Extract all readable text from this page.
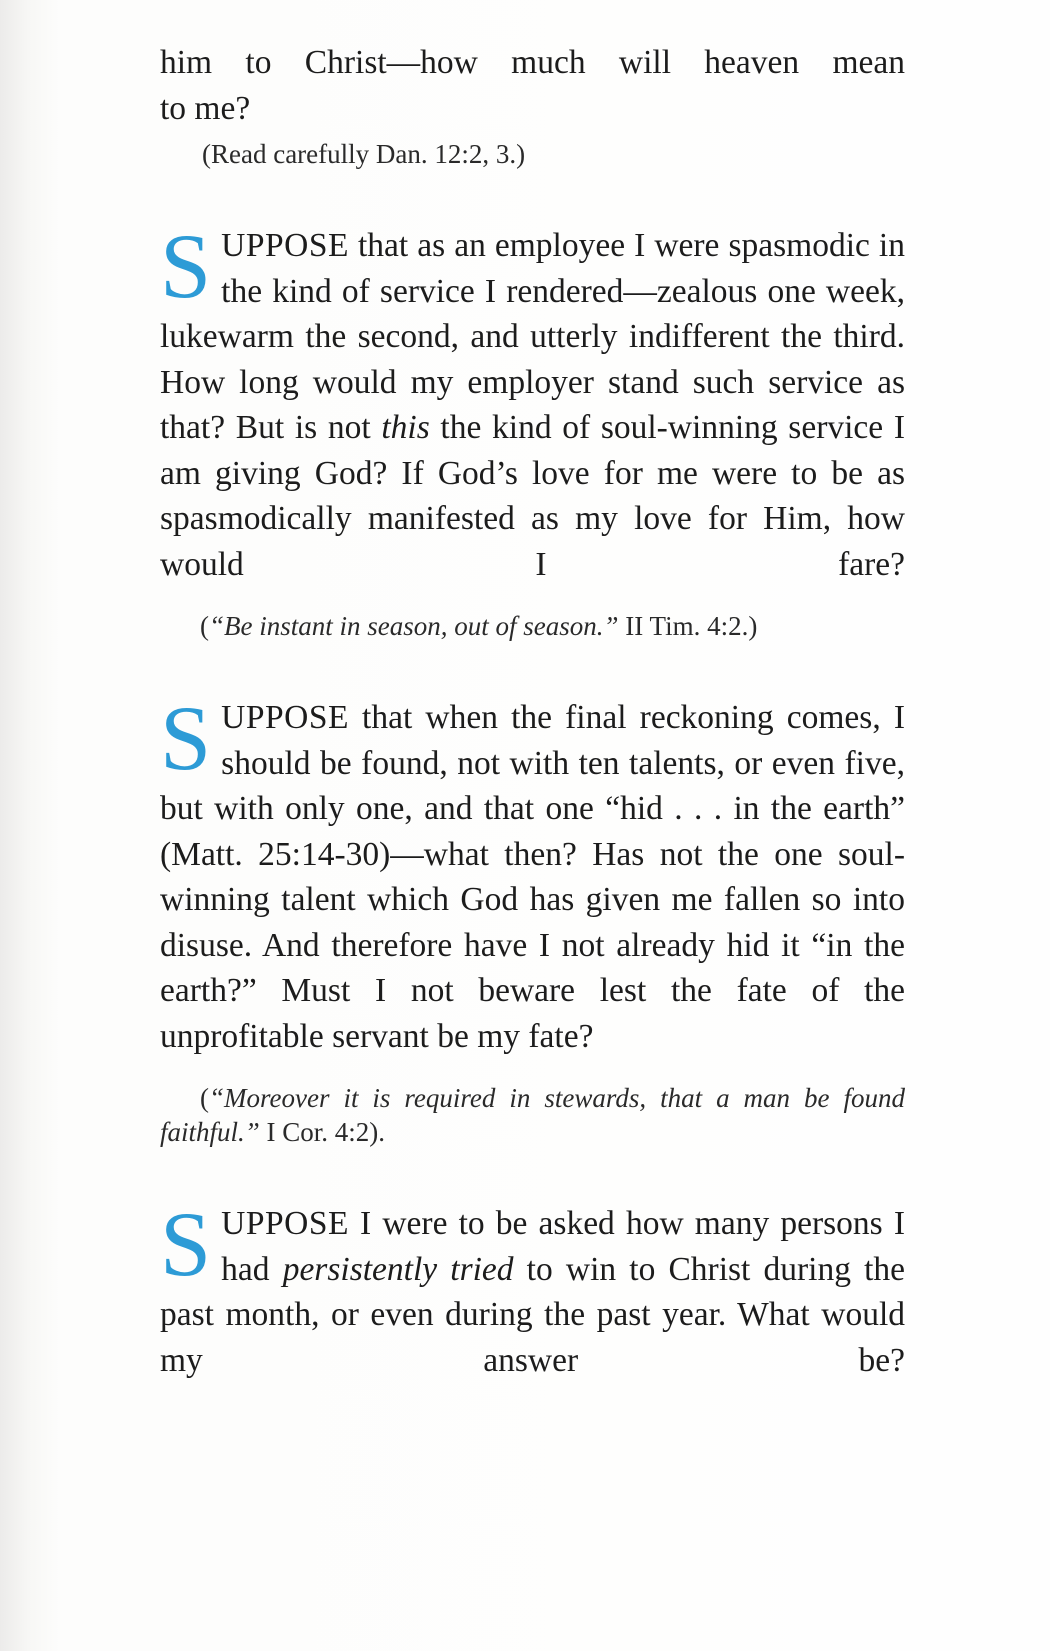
him to Christ—how much will heaven mean

to me?

(Read carefully Dan. 12:2, 3.)

SUPPOSE that as an employee I were spasmodic in the kind of service I rendered—zealous one week, lukewarm the second, and utterly indifferent the third. How long would my employer stand such service as that? But is not this the kind of soul-winning service I am giving God? If God’s love for me were to be as spasmodically manifested as my love for Him, how would I fare?

(“Be instant in season, out of season.” II Tim. 4:2.)

SUPPOSE that when the final reckoning comes, I should be found, not with ten talents, or even five, but with only one, and that one “hid . . . in the earth” (Matt. 25:14-30)—what then? Has not the one soul-winning talent which God has given me fallen so into disuse. And therefore have I not already hid it “in the earth?” Must I not beware lest the fate of the unprofitable servant be my fate?

(“Moreover it is required in stewards, that a man be found faithful.” I Cor. 4:2).

SUPPOSE I were to be asked how many persons I had persistently tried to win to Christ during the past month, or even during the past year. What would my answer be?
